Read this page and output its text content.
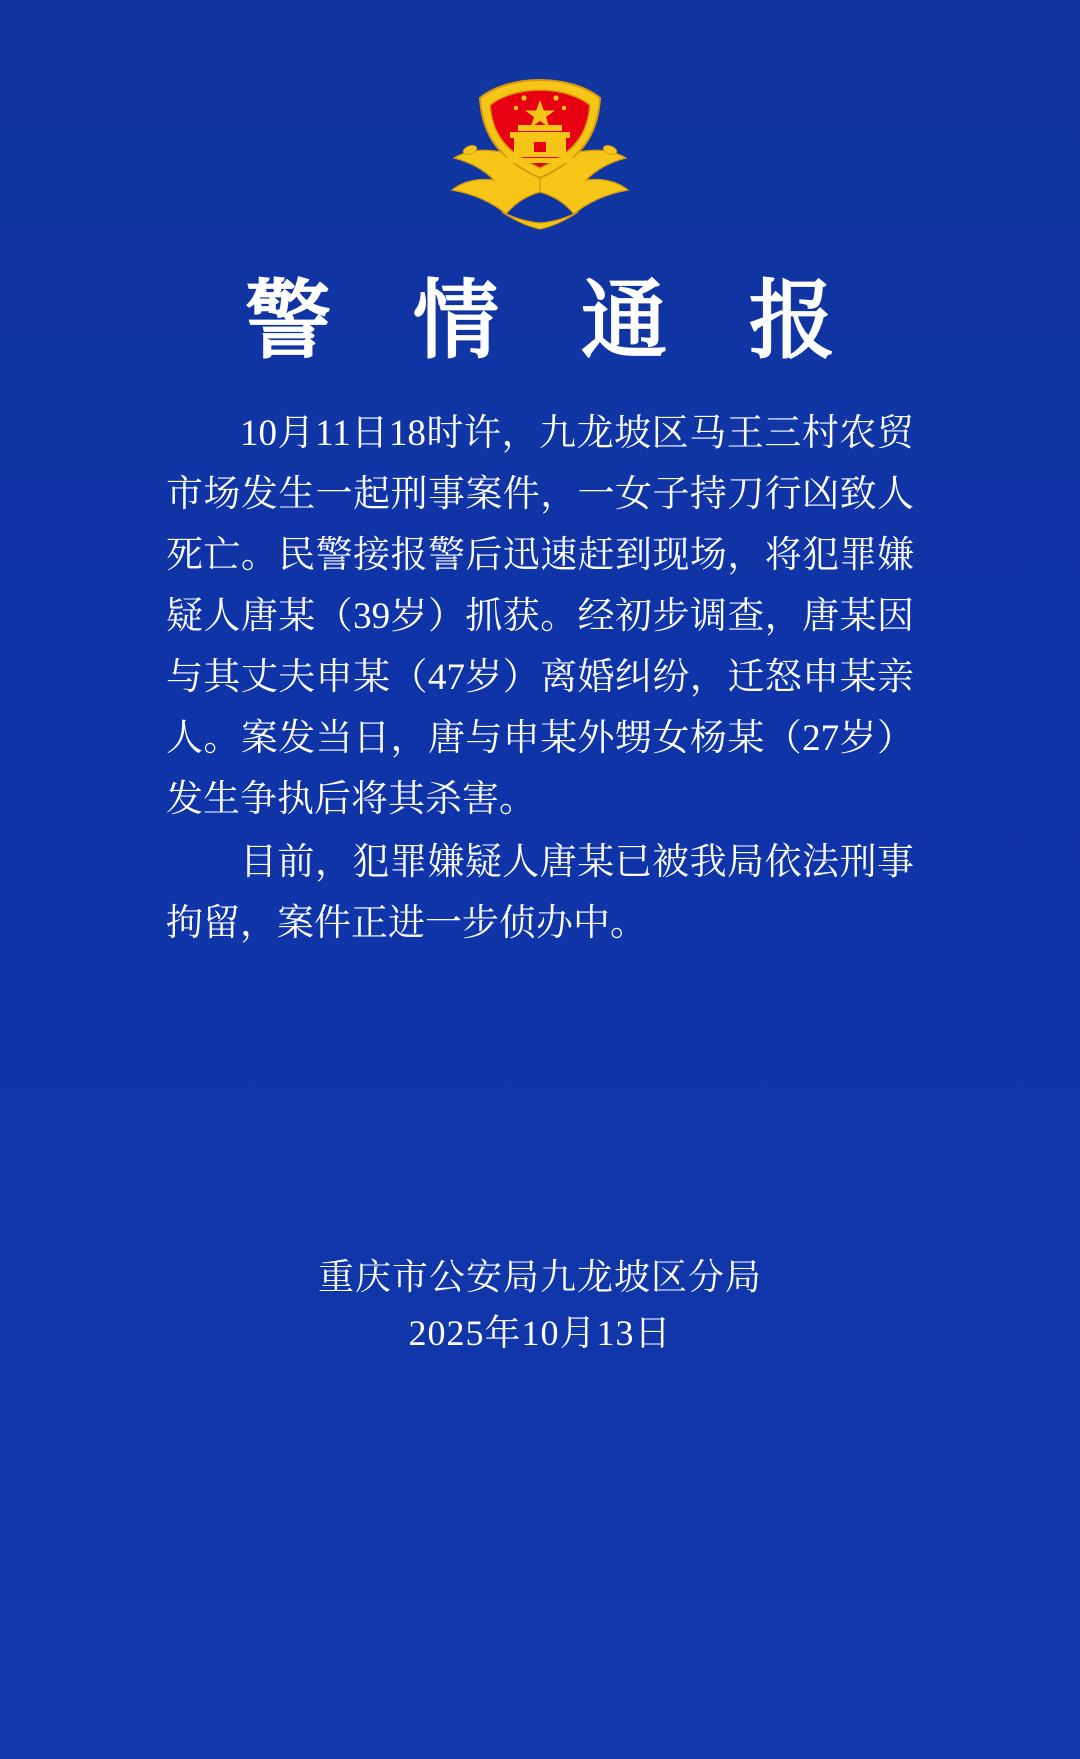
警 情 通 报

10月11日18时许，九龙坡区马王三村农贸市场发生一起刑事案件，一女子持刀行凶致人死亡。民警接报警后迅速赶到现场，将犯罪嫌疑人唐某（39岁）抓获。经初步调查，唐某因与其丈夫申某（47岁）离婚纠纷，迁怒申某亲人。案发当日，唐与申某外甥女杨某（27岁）发生争执后将其杀害。

目前，犯罪嫌疑人唐某已被我局依法刑事拘留，案件正进一步侦办中。

重庆市公安局九龙坡区分局
2025年10月13日
